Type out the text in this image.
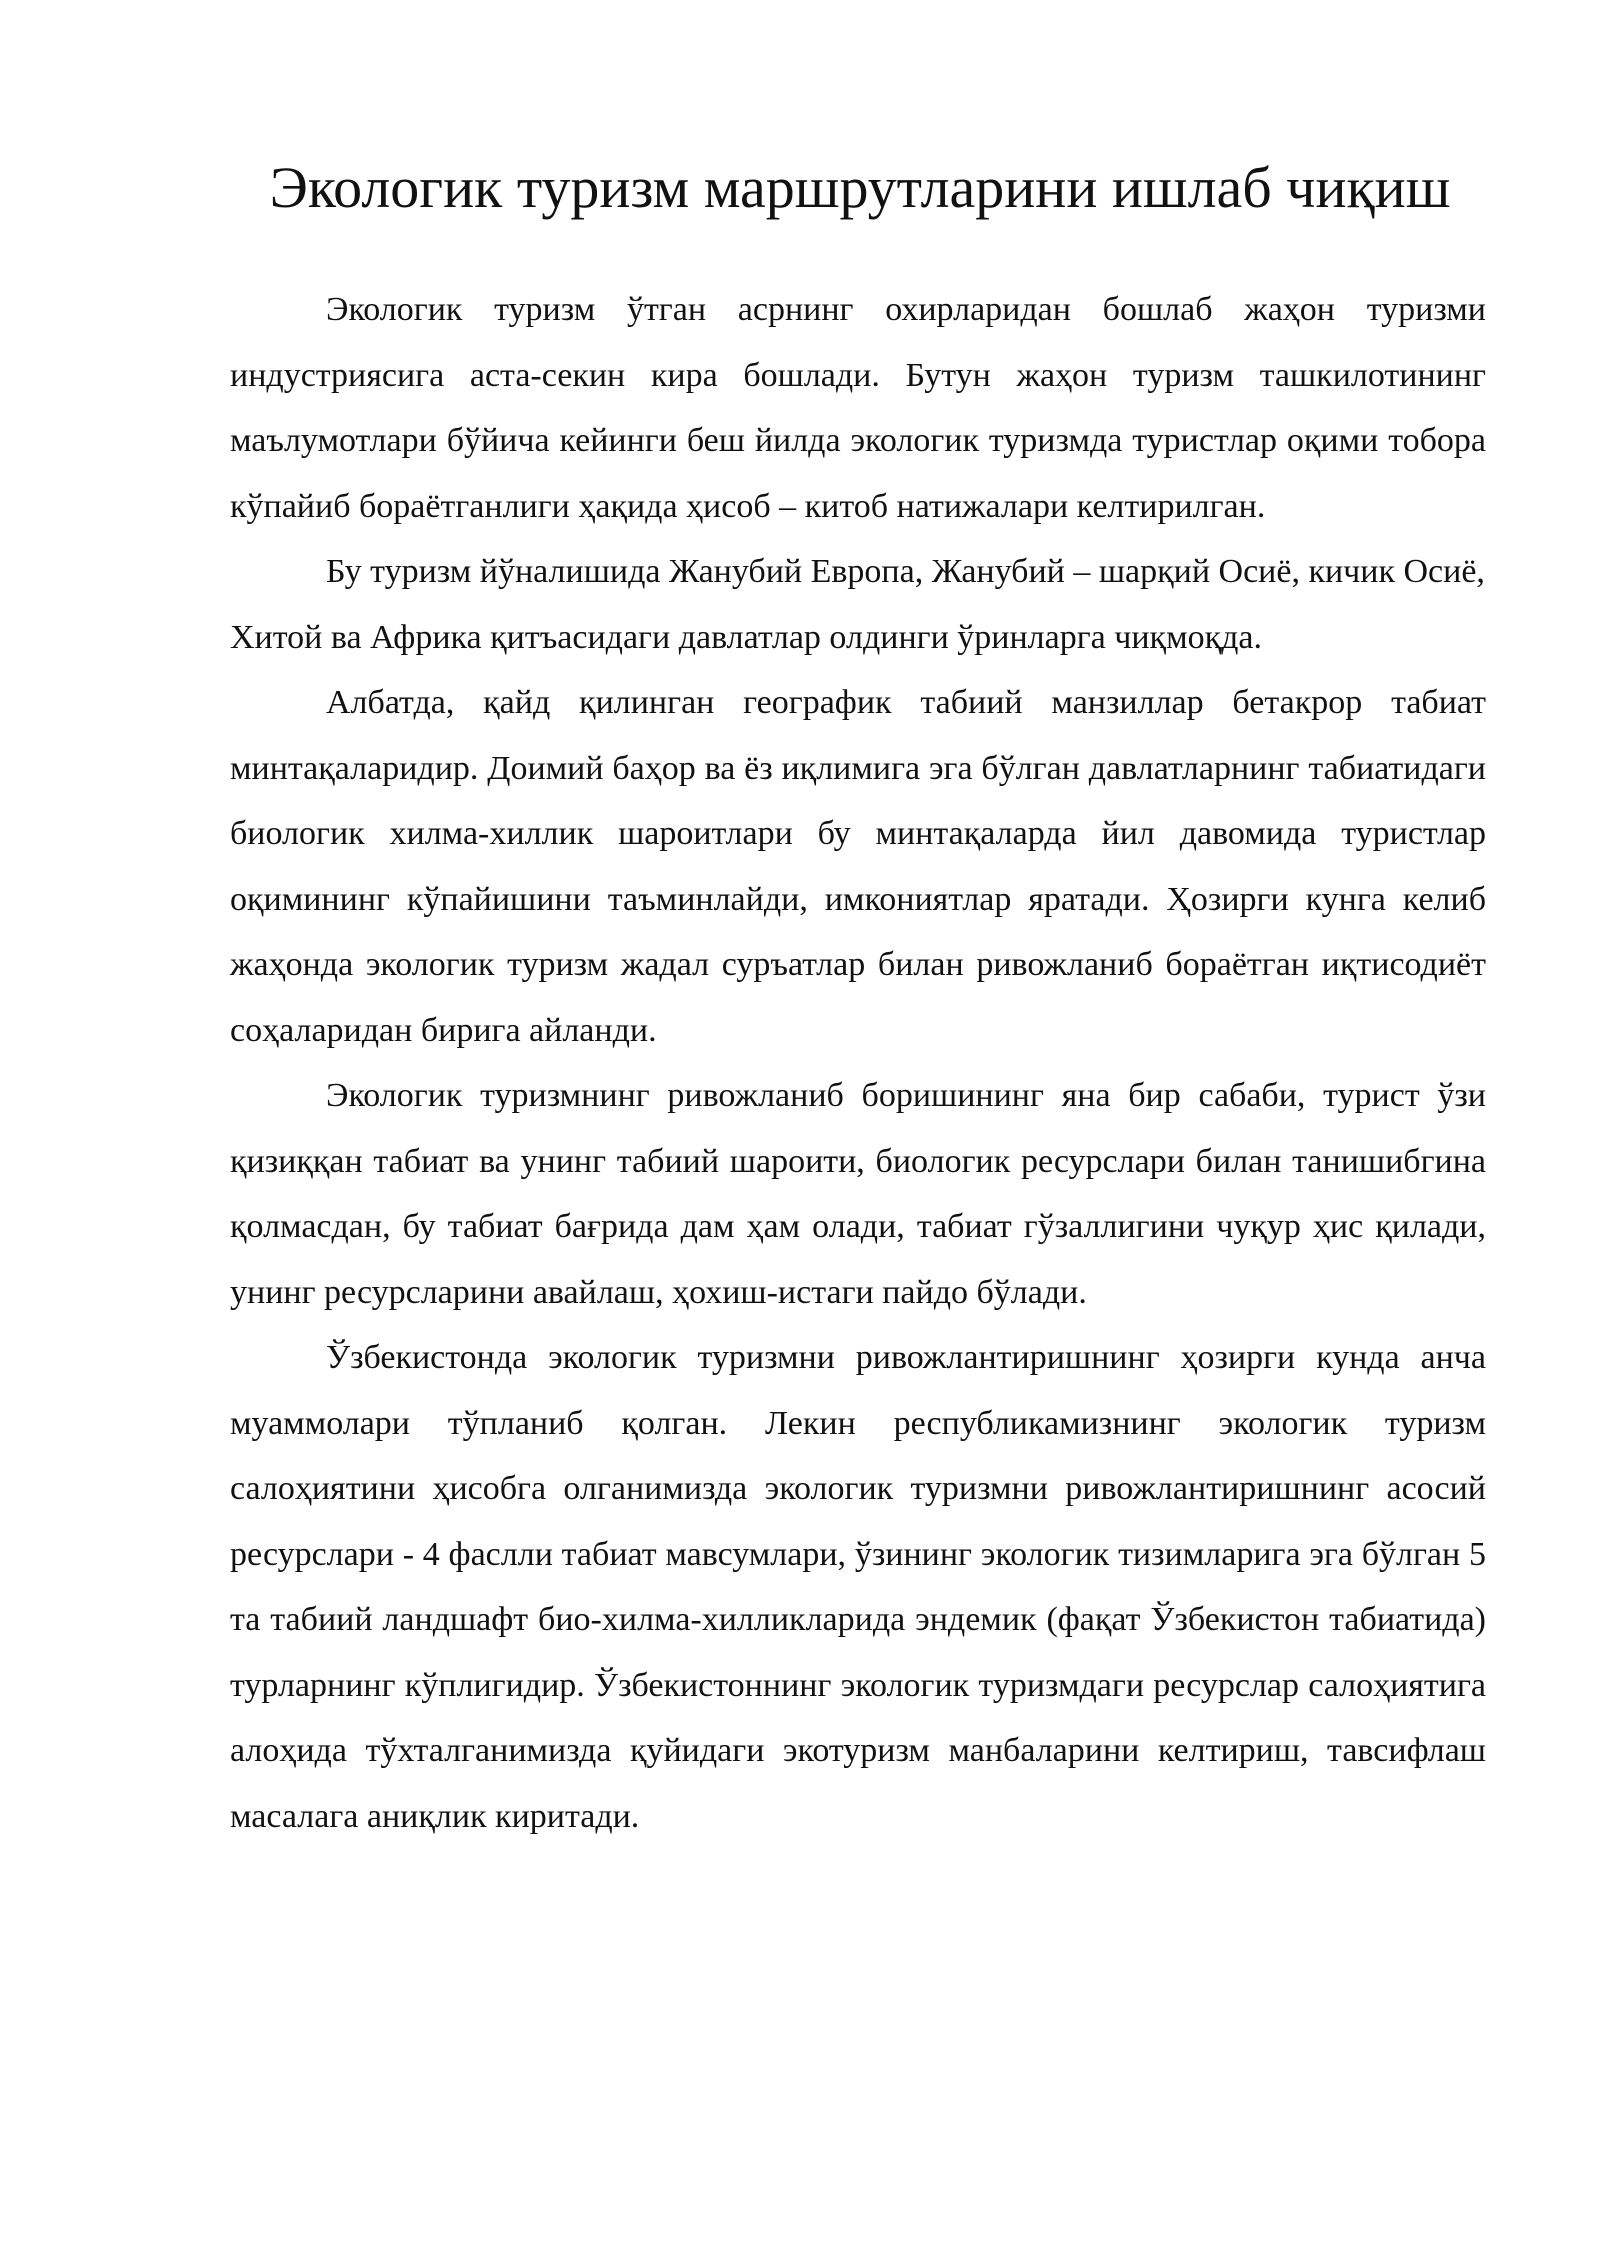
Экологик туризм маршрутларини ишлаб чиқиш

Экологик туризм ўтган асрнинг охирларидан бошлаб жаҳон туризми индустриясига аста-секин кира бошлади. Бутун жаҳон туризм ташкилотининг маълумотлари бўйича кейинги беш йилда экологик туризмда туристлар оқими тобора кўпайиб бораётганлиги ҳақида ҳисоб – китоб натижалари келтирилган.

Бу туризм йўналишида Жанубий Европа, Жанубий – шарқий Осиё, кичик Осиё, Хитой ва Африка қитъасидаги давлатлар олдинги ўринларга чиқмоқда.

Албатда, қайд қилинган географик табиий манзиллар бетакрор табиат минтақаларидир. Доимий баҳор ва ёз иқлимига эга бўлган давлатларнинг табиатидаги биологик хилма-хиллик шароитлари бу минтақаларда йил давомида туристлар оқимининг кўпайишини таъминлайди, имкониятлар яратади. Ҳозирги кунга келиб жаҳонда экологик туризм жадал суръатлар билан ривожланиб бораётган иқтисодиёт соҳаларидан бирига айланди.

Экологик туризмнинг ривожланиб боришининг яна бир сабаби, турист ўзи қизиққан табиат ва унинг табиий шароити, биологик ресурслари билан танишибгина қолмасдан, бу табиат бағрида дам ҳам олади, табиат гўзаллигини чуқур ҳис қилади, унинг ресурсларини авайлаш, ҳохиш-истаги пайдо бўлади.

Ўзбекистонда экологик туризмни ривожлантиришнинг ҳозирги кунда анча муаммолари тўпланиб қолган. Лекин республикамизнинг экологик туризм салоҳиятини ҳисобга олганимизда экологик туризмни ривожлантиришнинг асосий ресурслари - 4 фаслли табиат мавсумлари, ўзининг экологик тизимларига эга бўлган 5 та табиий ландшафт био-хилма-хилликларида эндемик (фақат Ўзбекистон табиатида) турларнинг кўплигидир. Ўзбекистоннинг экологик туризмдаги ресурслар салоҳиятига алоҳида тўхталганимизда қуйидаги экотуризм манбаларини келтириш, тавсифлаш масалага аниқлик киритади.
